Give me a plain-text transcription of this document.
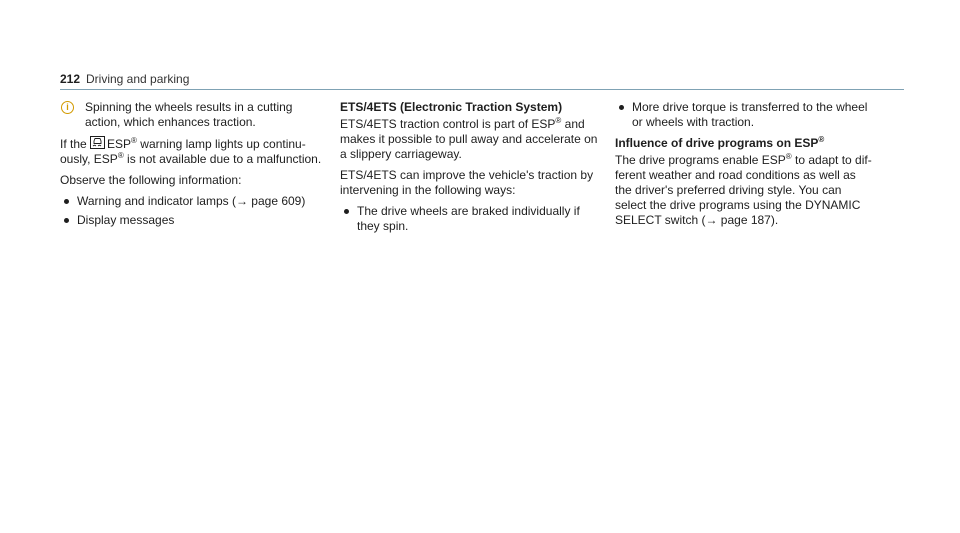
212 Driving and parking
i	Spinning the wheels results in a cutting
action, which enhances traction.

If the ESP® warning lamp lights up continu-
ously, ESP® is not available due to a malfunction.

Observe the following information:

Warning and indicator lamps (→ page 609)
Display messages

ETS/4ETS (Electronic Traction System)

ETS/4ETS traction control is part of ESP® and
makes it possible to pull away and accelerate on
a slippery carriageway.

ETS/4ETS can improve the vehicle's traction by
intervening in the following ways:

The drive wheels are braked individually if
they spin.
More drive torque is transferred to the wheel
or wheels with traction.

Influence of drive programs on ESP®

The drive programs enable ESP® to adapt to dif-
ferent weather and road conditions as well as
the driver's preferred driving style. You can
select the drive programs using the DYNAMIC
SELECT switch (→ page 187).
